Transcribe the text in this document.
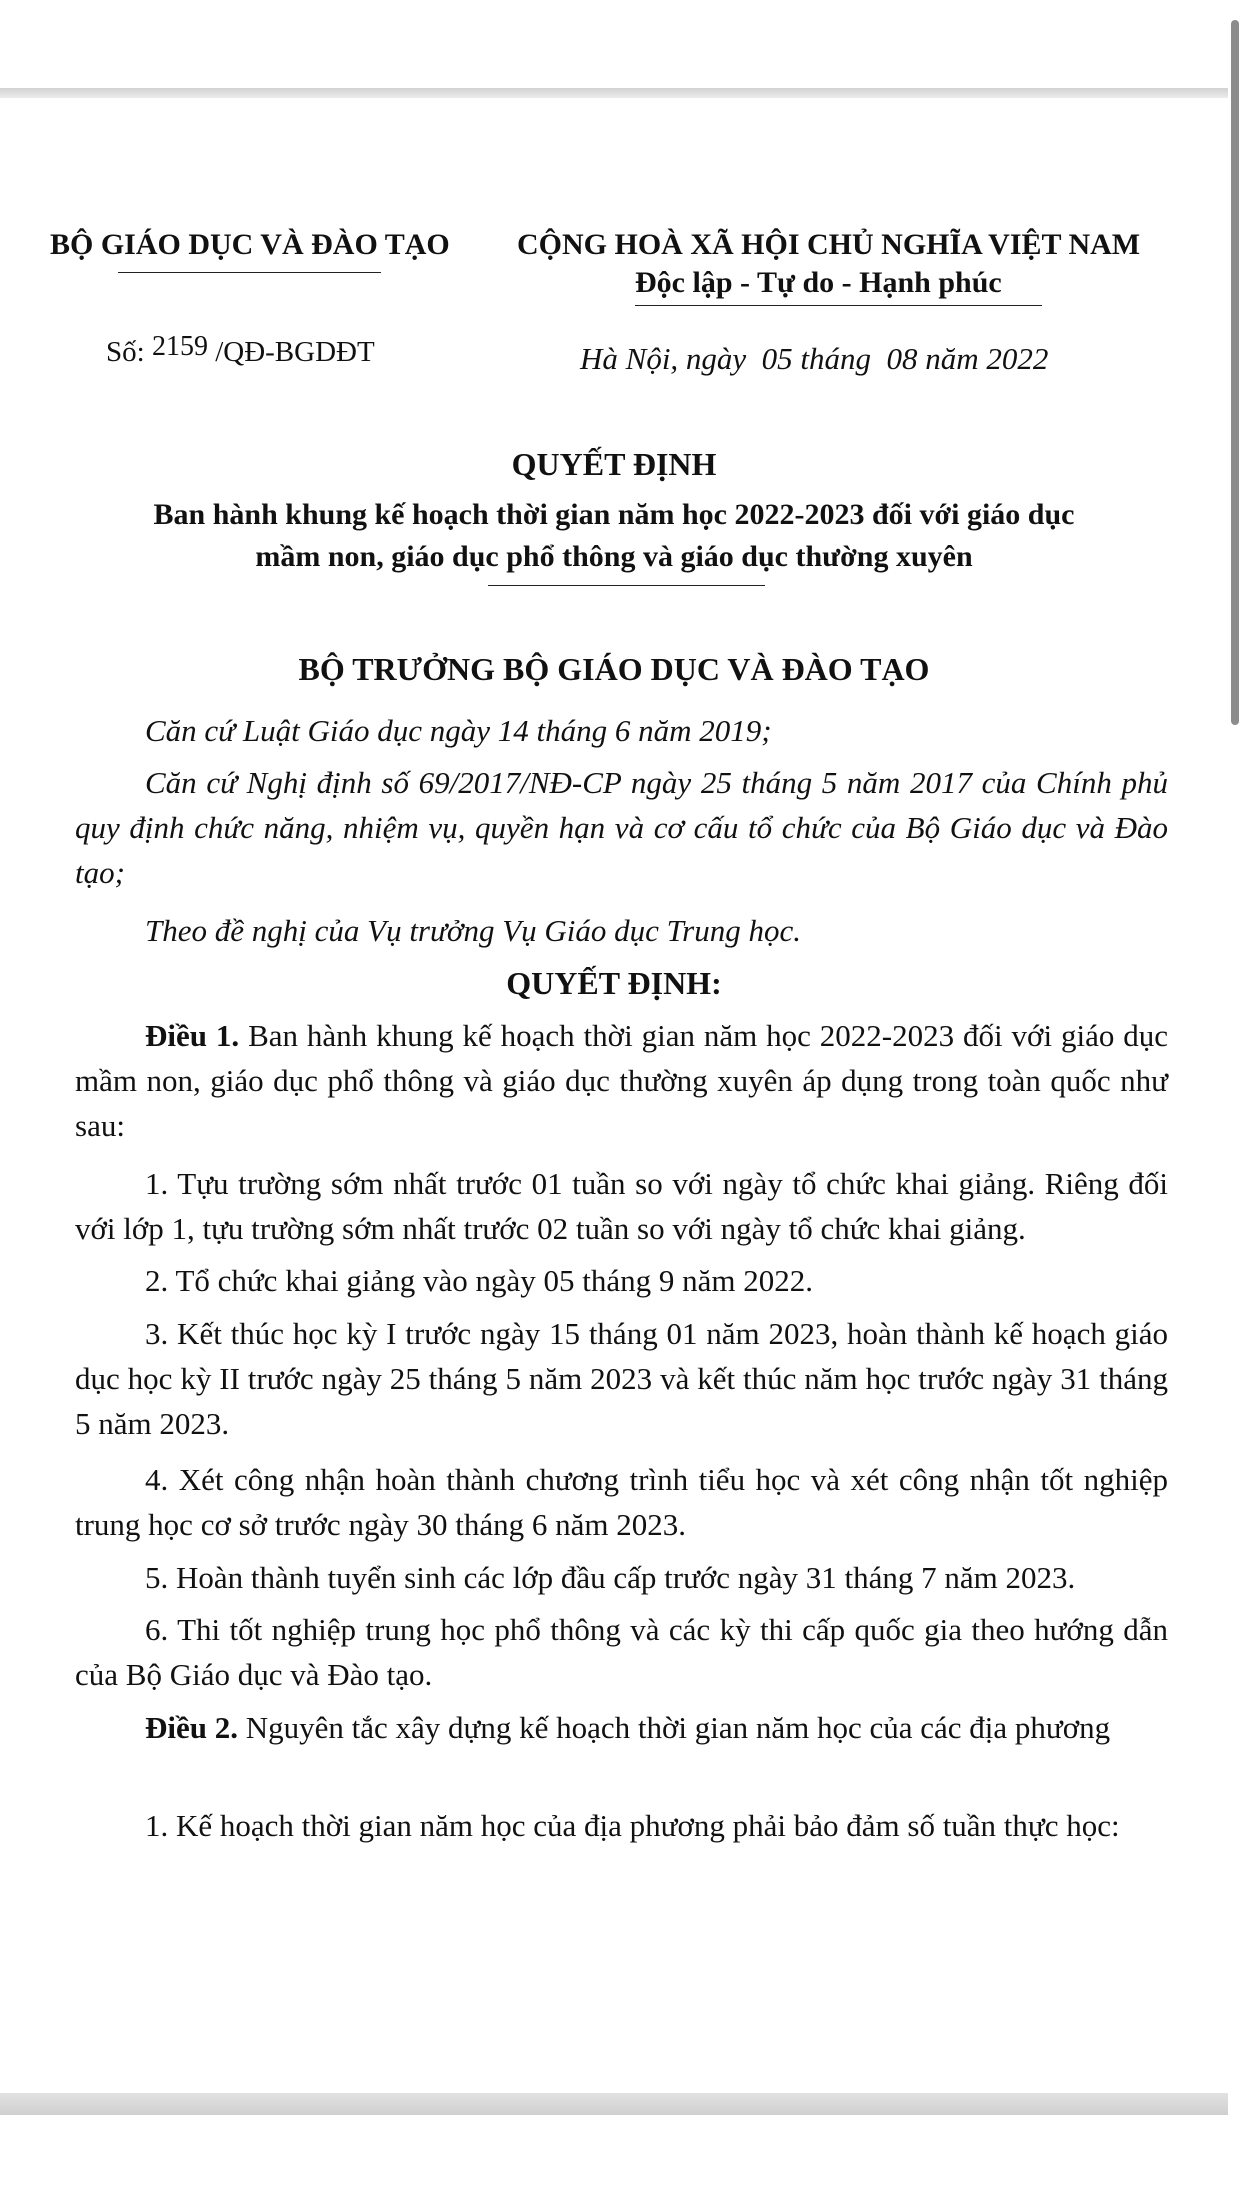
BỘ GIÁO DỤC VÀ ĐÀO TẠO CỘNG HOÀ XÃ HỘI CHỦ NGHĨA VIỆT NAM
Độc lập - Tự do - Hạnh phúc
Số: 2159 /QĐ-BGDĐT	Hà Nội, ngày  05 tháng  08 năm 2022
QUYẾT ĐỊNH
Ban hành khung kế hoạch thời gian năm học 2022-2023 đối với giáo dục
mầm non, giáo dục phổ thông và giáo dục thường xuyên
BỘ TRƯỞNG BỘ GIÁO DỤC VÀ ĐÀO TẠO
Căn cứ Luật Giáo dục ngày 14 tháng 6 năm 2019;
Căn cứ Nghị định số 69/2017/NĐ-CP ngày 25 tháng 5 năm 2017 của Chính phủ quy định chức năng, nhiệm vụ, quyền hạn và cơ cấu tổ chức của Bộ Giáo dục và Đào tạo;
Theo đề nghị của Vụ trưởng Vụ Giáo dục Trung học.
QUYẾT ĐỊNH:
Điều 1. Ban hành khung kế hoạch thời gian năm học 2022-2023 đối với giáo dục mầm non, giáo dục phổ thông và giáo dục thường xuyên áp dụng trong toàn quốc như sau:
1. Tựu trường sớm nhất trước 01 tuần so với ngày tổ chức khai giảng. Riêng đối với lớp 1, tựu trường sớm nhất trước 02 tuần so với ngày tổ chức khai giảng.
2. Tổ chức khai giảng vào ngày 05 tháng 9 năm 2022.
3. Kết thúc học kỳ I trước ngày 15 tháng 01 năm 2023, hoàn thành kế hoạch giáo dục học kỳ II trước ngày 25 tháng 5 năm 2023 và kết thúc năm học trước ngày 31 tháng 5 năm 2023.
4. Xét công nhận hoàn thành chương trình tiểu học và xét công nhận tốt nghiệp trung học cơ sở trước ngày 30 tháng 6 năm 2023.
5. Hoàn thành tuyển sinh các lớp đầu cấp trước ngày 31 tháng 7 năm 2023.
6. Thi tốt nghiệp trung học phổ thông và các kỳ thi cấp quốc gia theo hướng dẫn của Bộ Giáo dục và Đào tạo.
Điều 2. Nguyên tắc xây dựng kế hoạch thời gian năm học của các địa phương
1. Kế hoạch thời gian năm học của địa phương phải bảo đảm số tuần thực học:
